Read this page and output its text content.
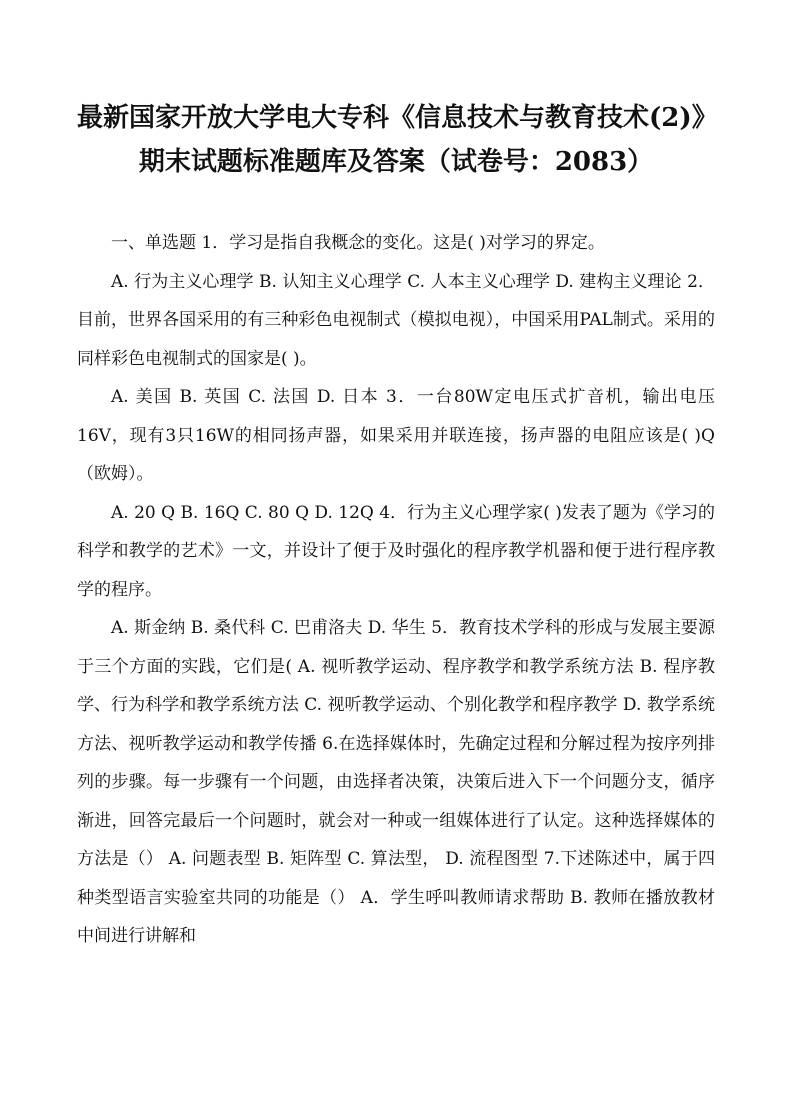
最新国家开放大学电大专科《信息技术与教育技术(2)》
期末试题标准题库及答案（试卷号：2083）

一、单选题 1．学习是指自我概念的变化。这是( )对学习的界定。

A. 行为主义心理学 B. 认知主义心理学 C. 人本主义心理学 D. 建构主义理论 2．目前，世界各国采用的有三种彩色电视制式（模拟电视），中国采用PAL制式。采用的同样彩色电视制式的国家是( )。

A. 美国 B. 英国 C. 法国 D. 日本 3．一台80W定电压式扩音机，输出电压16V，现有3只16W的相同扬声器，如果采用并联连接，扬声器的电阻应该是( )Q（欧姆）。

A. 20 Q B. 16Q C. 80 Q D. 12Q 4．行为主义心理学家( )发表了题为《学习的科学和教学的艺术》一文，并设计了便于及时强化的程序教学机器和便于进行程序教学的程序。

A. 斯金纳 B. 桑代科 C. 巴甫洛夫 D. 华生 5．教育技术学科的形成与发展主要源于三个方面的实践，它们是( A. 视听教学运动、程序教学和教学系统方法 B. 程序教学、行为科学和教学系统方法 C. 视听教学运动、个别化教学和程序教学 D. 教学系统方法、视听教学运动和教学传播 6.在选择媒体时，先确定过程和分解过程为按序列排列的步骤。每一步骤有一个问题，由选择者决策，决策后进入下一个问题分支，循序渐进，回答完最后一个问题时，就会对一种或一组媒体进行了认定。这种选择媒体的方法是（） A. 问题表型 B. 矩阵型 C. 算法型， D. 流程图型 7.下述陈述中，属于四种类型语言实验室共同的功能是（） A．学生呼叫教师请求帮助 B. 教师在播放教材中间进行讲解和
